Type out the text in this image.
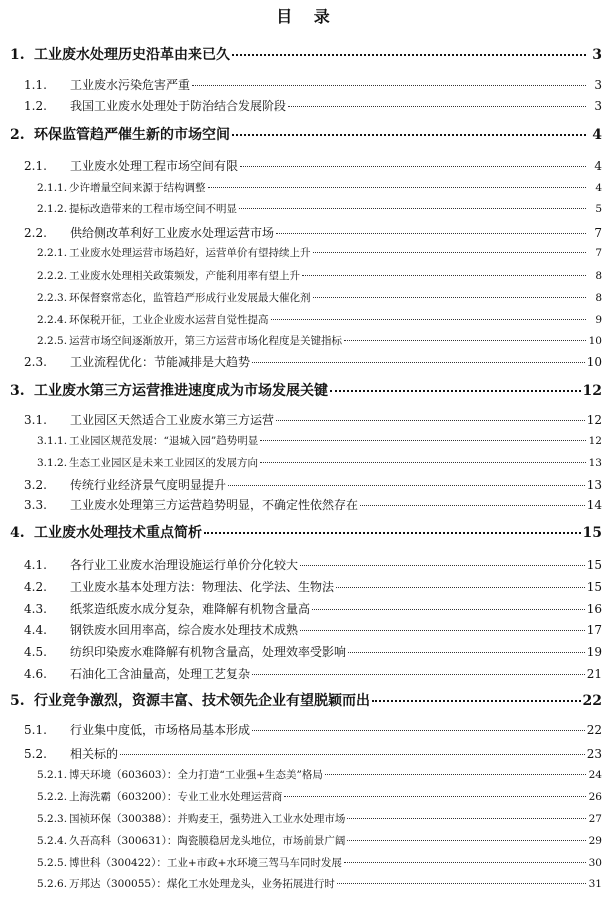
目 录
1. 工业废水处理历史沿革由来已久	3
1.1.	工业废水污染危害严重	3
1.2.	我国工业废水处理处于防治结合发展阶段	3
2. 环保监管趋严催生新的市场空间	4
2.1.	工业废水处理工程市场空间有限	4
2.1.1. 少许增量空间来源于结构调整	4
2.1.2. 提标改造带来的工程市场空间不明显	5
2.2.	供给侧改革利好工业废水处理运营市场	7
2.2.1. 工业废水处理运营市场趋好，运营单价有望持续上升	7
2.2.2. 工业废水处理相关政策频发，产能利用率有望上升	8
2.2.3. 环保督察常态化，监管趋严形成行业发展最大催化剂	8
2.2.4. 环保税开征，工业企业废水运营自觉性提高	9
2.2.5. 运营市场空间逐渐放开，第三方运营市场化程度是关键指标	10
2.3.	工业流程优化：节能减排是大趋势	10
3. 工业废水第三方运营推进速度成为市场发展关键	12
3.1.	工业园区天然适合工业废水第三方运营	12
3.1.1. 工业园区规范发展：“退城入园”趋势明显	12
3.1.2. 生态工业园区是未来工业园区的发展方向	13
3.2.	传统行业经济景气度明显提升	13
3.3.	工业废水处理第三方运营趋势明显，不确定性依然存在	14
4. 工业废水处理技术重点简析	15
4.1.	各行业工业废水治理设施运行单价分化较大	15
4.2.	工业废水基本处理方法：物理法、化学法、生物法	15
4.3.	纸浆造纸废水成分复杂，难降解有机物含量高	16
4.4.	钢铁废水回用率高，综合废水处理技术成熟	17
4.5.	纺织印染废水难降解有机物含量高，处理效率受影响	19
4.6.	石油化工含油量高，处理工艺复杂	21
5. 行业竞争激烈，资源丰富、技术领先企业有望脱颖而出	22
5.1.	行业集中度低，市场格局基本形成	22
5.2.	相关标的	23
5.2.1. 博天环境（603603）：全力打造“工业强+生态美”格局	24
5.2.2. 上海洗霸（603200）：专业工业水处理运营商	26
5.2.3. 国祯环保（300388）：并购麦王，强势进入工业水处理市场	27
5.2.4. 久吾高科（300631）：陶瓷膜稳居龙头地位，市场前景广阔	29
5.2.5. 博世科（300422）：工业+市政+水环境三驾马车同时发展	30
5.2.6. 万邦达（300055）：煤化工水处理龙头，业务拓展进行时	31
